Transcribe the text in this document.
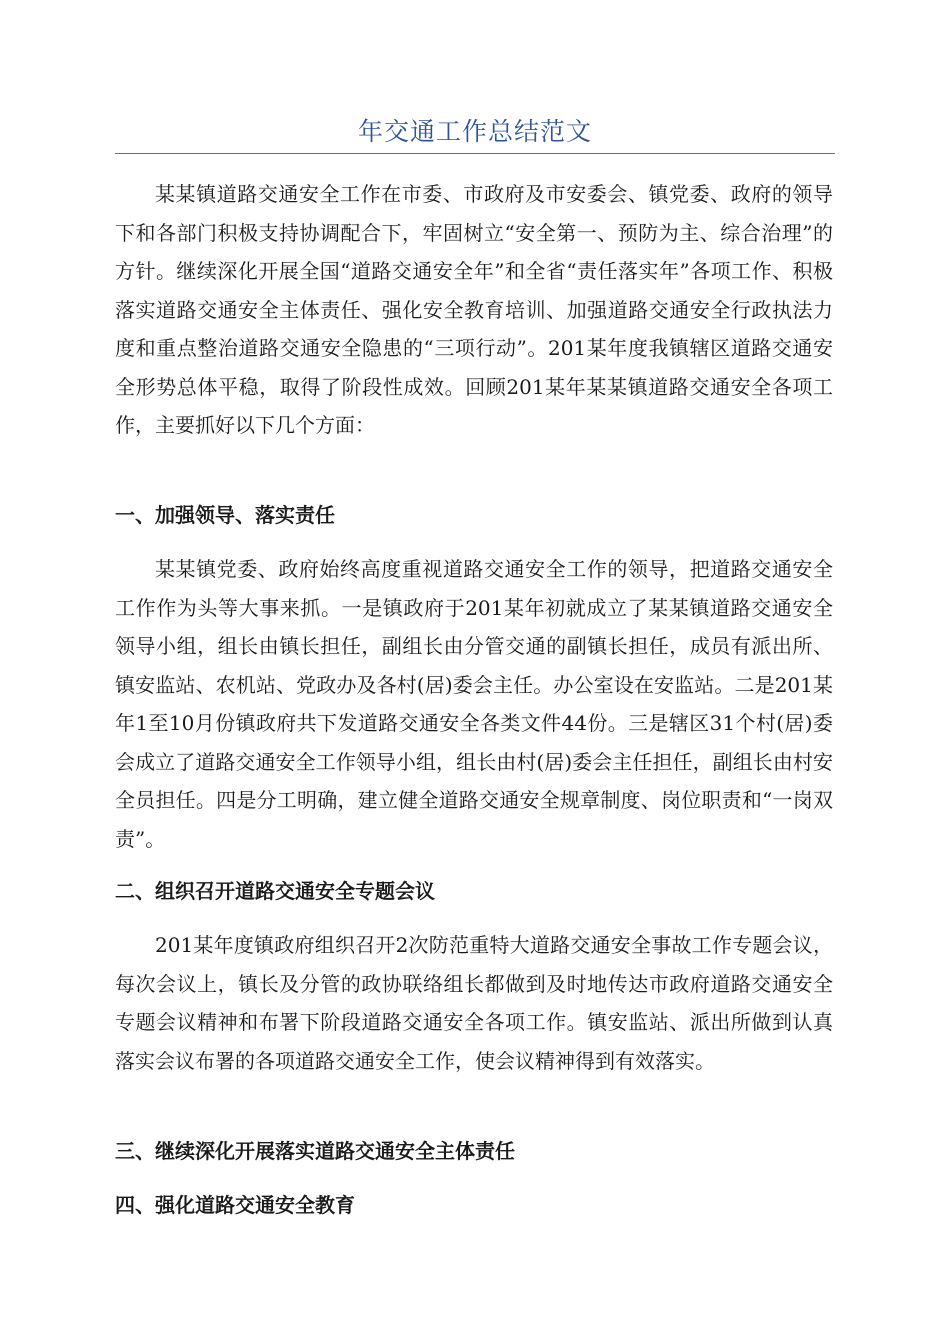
年交通工作总结范文

某某镇道路交通安全工作在市委、市政府及市安委会、镇党委、政府的领导下和各部门积极支持协调配合下，牢固树立“安全第一、预防为主、综合治理”的方针。继续深化开展全国“道路交通安全年”和全省“责任落实年”各项工作、积极落实道路交通安全主体责任、强化安全教育培训、加强道路交通安全行政执法力度和重点整治道路交通安全隐患的“三项行动”。201某年度我镇辖区道路交通安全形势总体平稳，取得了阶段性成效。回顾201某年某某镇道路交通安全各项工作，主要抓好以下几个方面：

一、加强领导、落实责任

某某镇党委、政府始终高度重视道路交通安全工作的领导，把道路交通安全工作作为头等大事来抓。一是镇政府于201某年初就成立了某某镇道路交通安全领导小组，组长由镇长担任，副组长由分管交通的副镇长担任，成员有派出所、镇安监站、农机站、党政办及各村(居)委会主任。办公室设在安监站。二是201某年1至10月份镇政府共下发道路交通安全各类文件44份。三是辖区31个村(居)委会成立了道路交通安全工作领导小组，组长由村(居)委会主任担任，副组长由村安全员担任。四是分工明确，建立健全道路交通安全规章制度、岗位职责和“一岗双责”。

二、组织召开道路交通安全专题会议

201某年度镇政府组织召开2次防范重特大道路交通安全事故工作专题会议，每次会议上，镇长及分管的政协联络组长都做到及时地传达市政府道路交通安全专题会议精神和布署下阶段道路交通安全各项工作。镇安监站、派出所做到认真落实会议布署的各项道路交通安全工作，使会议精神得到有效落实。

三、继续深化开展落实道路交通安全主体责任

四、强化道路交通安全教育
